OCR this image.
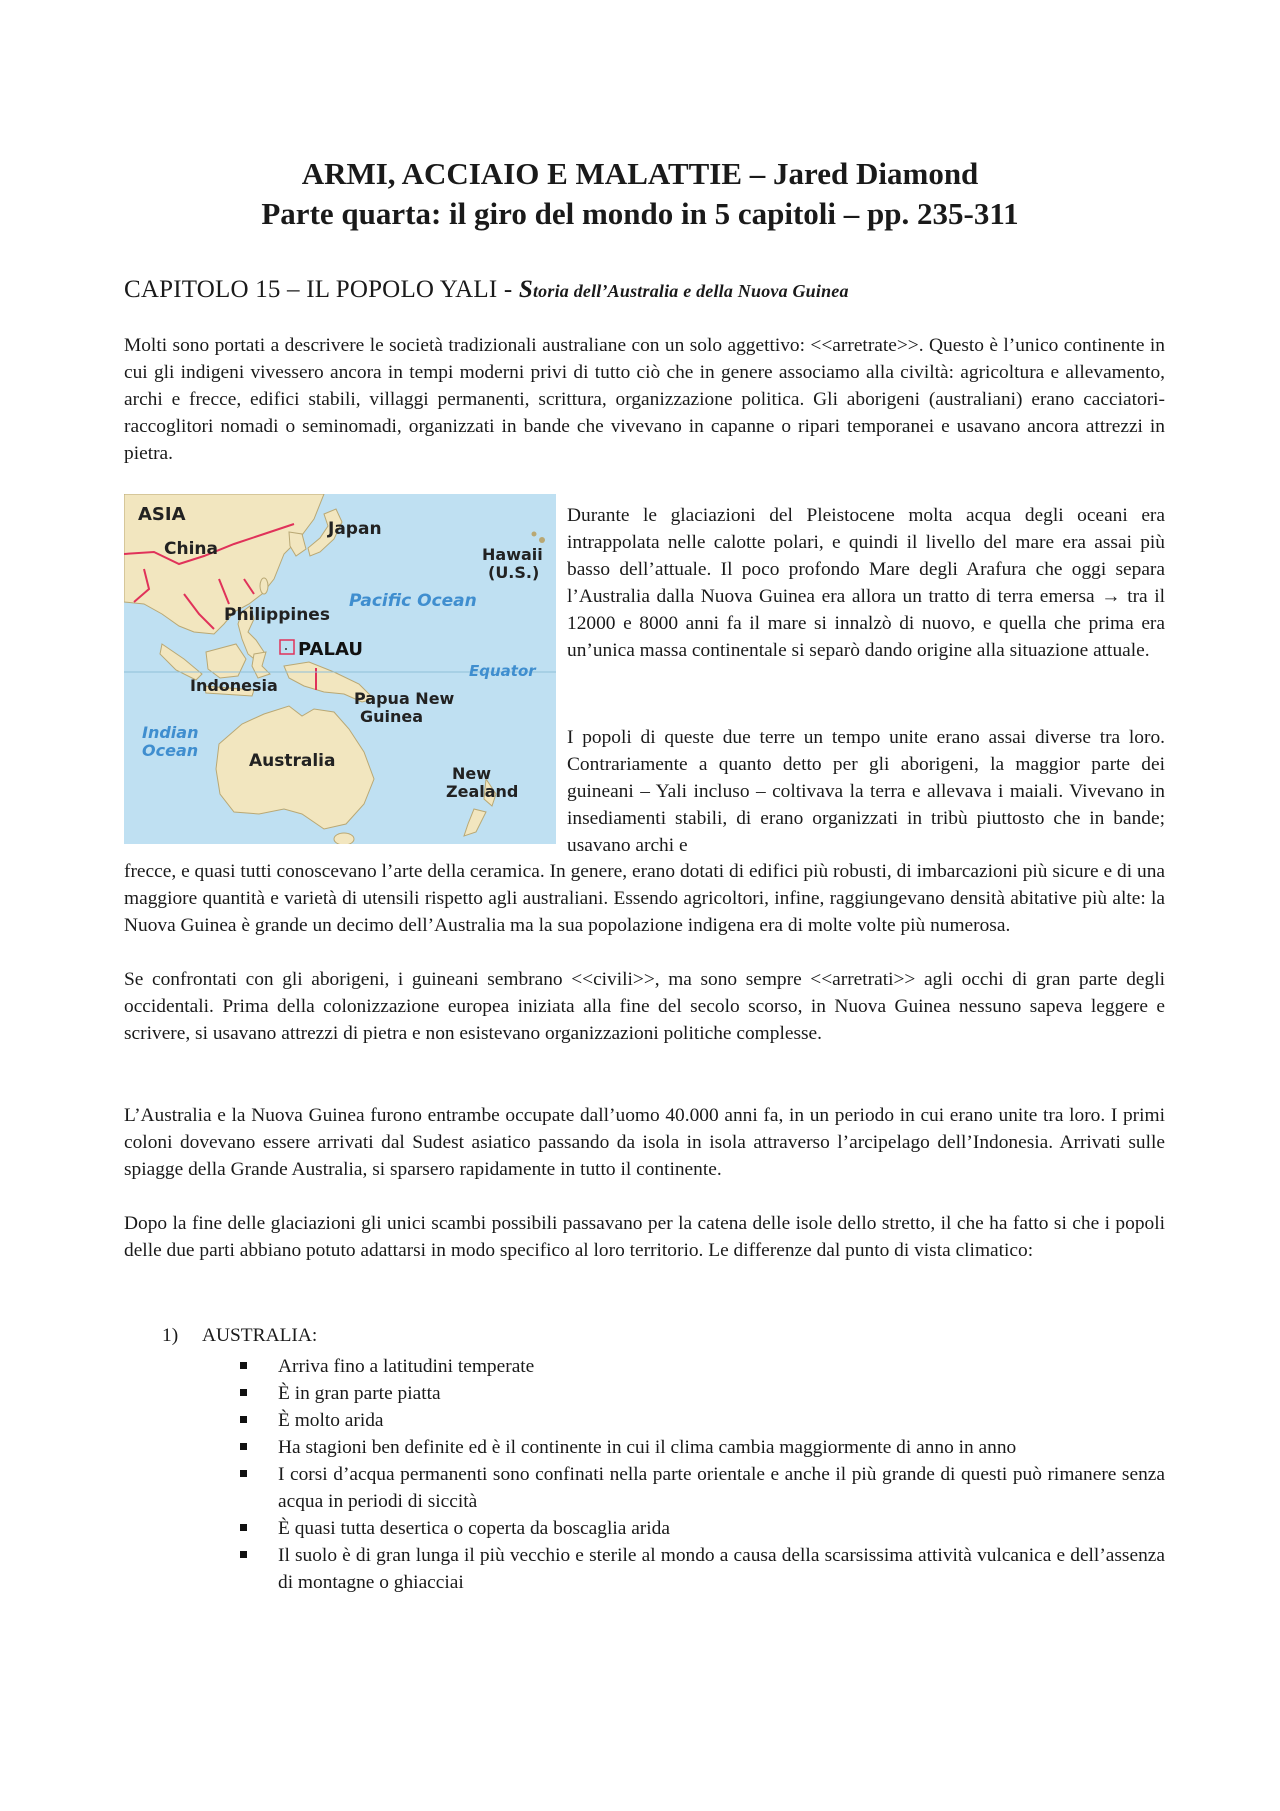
ARMI, ACCIAIO E MALATTIE – Jared Diamond
Parte quarta: il giro del mondo in 5 capitoli – pp. 235-311
CAPITOLO 15 – IL POPOLO YALI - Storia dell’Australia e della Nuova Guinea

Molti sono portati a descrivere le società tradizionali australiane con un solo aggettivo: <<arretrate>>. Questo è l’unico continente in cui gli indigeni vivessero ancora in tempi moderni privi di tutto ciò che in genere associamo alla civiltà: agricoltura e allevamento, archi e frecce, edifici stabili, villaggi permanenti, scrittura, organizzazione politica. Gli aborigeni (australiani) erano cacciatori-raccoglitori nomadi o seminomadi, organizzati in bande che vivevano in capanne o ripari temporanei e usavano ancora attrezzi in pietra.

ASIA
China
Japan
Hawaii
(U.S.)
Philippines
Pacific Ocean
PALAU
Equator
Indonesia
Papua New
Guinea
Indian
Ocean
Australia
New
Zealand

Durante le glaciazioni del Pleistocene molta acqua degli oceani era intrappolata nelle calotte polari, e quindi il livello del mare era assai più basso dell’attuale. Il poco profondo Mare degli Arafura che oggi separa l’Australia dalla Nuova Guinea era allora un tratto di terra emersa → tra il 12000 e 8000 anni fa il mare si innalzò di nuovo, e quella che prima era un’unica massa continentale si separò dando origine alla situazione attuale.

I popoli di queste due terre un tempo unite erano assai diverse tra loro. Contrariamente a quanto detto per gli aborigeni, la maggior parte dei guineani – Yali incluso – coltivava la terra e allevava i maiali. Vivevano in insediamenti stabili, di erano organizzati in tribù piuttosto che in bande; usavano archi e

frecce, e quasi tutti conoscevano l’arte della ceramica. In genere, erano dotati di edifici più robusti, di imbarcazioni più sicure e di una maggiore quantità e varietà di utensili rispetto agli australiani. Essendo agricoltori, infine, raggiungevano densità abitative più alte: la Nuova Guinea è grande un decimo dell’Australia ma la sua popolazione indigena era di molte volte più numerosa.

Se confrontati con gli aborigeni, i guineani sembrano <<civili>>, ma sono sempre <<arretrati>> agli occhi di gran parte degli occidentali. Prima della colonizzazione europea iniziata alla fine del secolo scorso, in Nuova Guinea nessuno sapeva leggere e scrivere, si usavano attrezzi di pietra e non esistevano organizzazioni politiche complesse.

L’Australia e la Nuova Guinea furono entrambe occupate dall’uomo 40.000 anni fa, in un periodo in cui erano unite tra loro. I primi coloni dovevano essere arrivati dal Sudest asiatico passando da isola in isola attraverso l’arcipelago dell’Indonesia. Arrivati sulle spiagge della Grande Australia, si sparsero rapidamente in tutto il continente.

Dopo la fine delle glaciazioni gli unici scambi possibili passavano per la catena delle isole dello stretto, il che ha fatto si che i popoli delle due parti abbiano potuto adattarsi in modo specifico al loro territorio. Le differenze dal punto di vista climatico:

1) AUSTRALIA:

Arriva fino a latitudini temperate
È in gran parte piatta
È molto arida
Ha stagioni ben definite ed è il continente in cui il clima cambia maggiormente di anno in anno
I corsi d’acqua permanenti sono confinati nella parte orientale e anche il più grande di questi può rimanere senza acqua in periodi di siccità
È quasi tutta desertica o coperta da boscaglia arida
Il suolo è di gran lunga il più vecchio e sterile al mondo a causa della scarsissima attività vulcanica e dell’assenza di montagne o ghiacciai
